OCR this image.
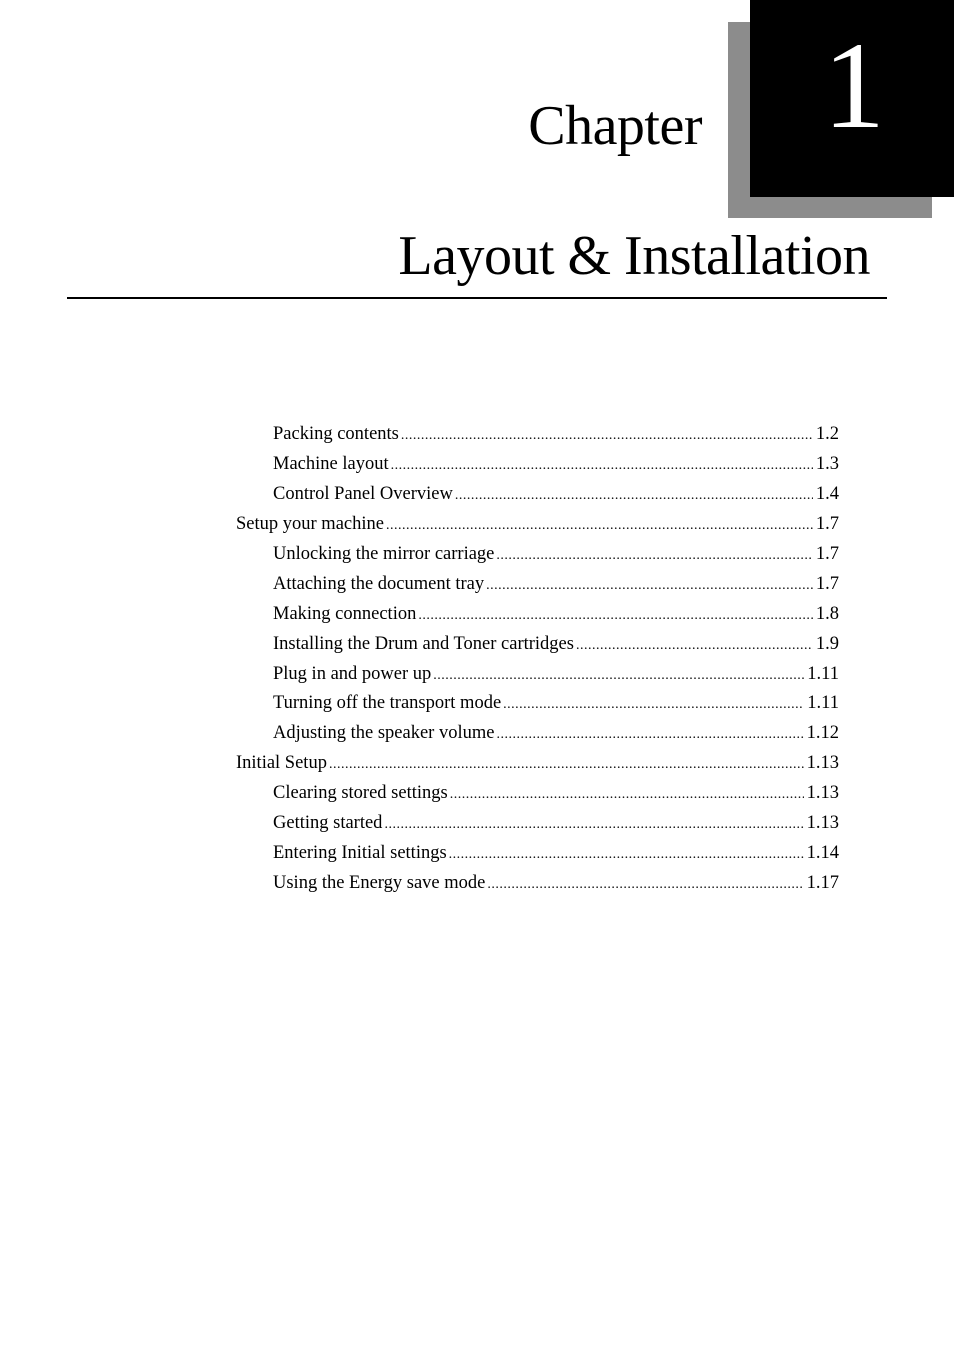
1
Chapter
Layout & Installation
Packing contents .....	1.2
Machine layout .....	1.3
Control Panel Overview .....	1.4
Setup your machine .....	1.7
Unlocking the mirror carriage .....	1.7
Attaching the document tray .....	1.7
Making connection .....	1.8
Installing the Drum and Toner cartridges .....	1.9
Plug in and power up .....	1.11
Turning off the transport mode .....	1.11
Adjusting the speaker volume .....	1.12
Initial Setup .....	1.13
Clearing stored settings .....	1.13
Getting started .....	1.13
Entering Initial settings .....	1.14
Using the Energy save mode .....	1.17
